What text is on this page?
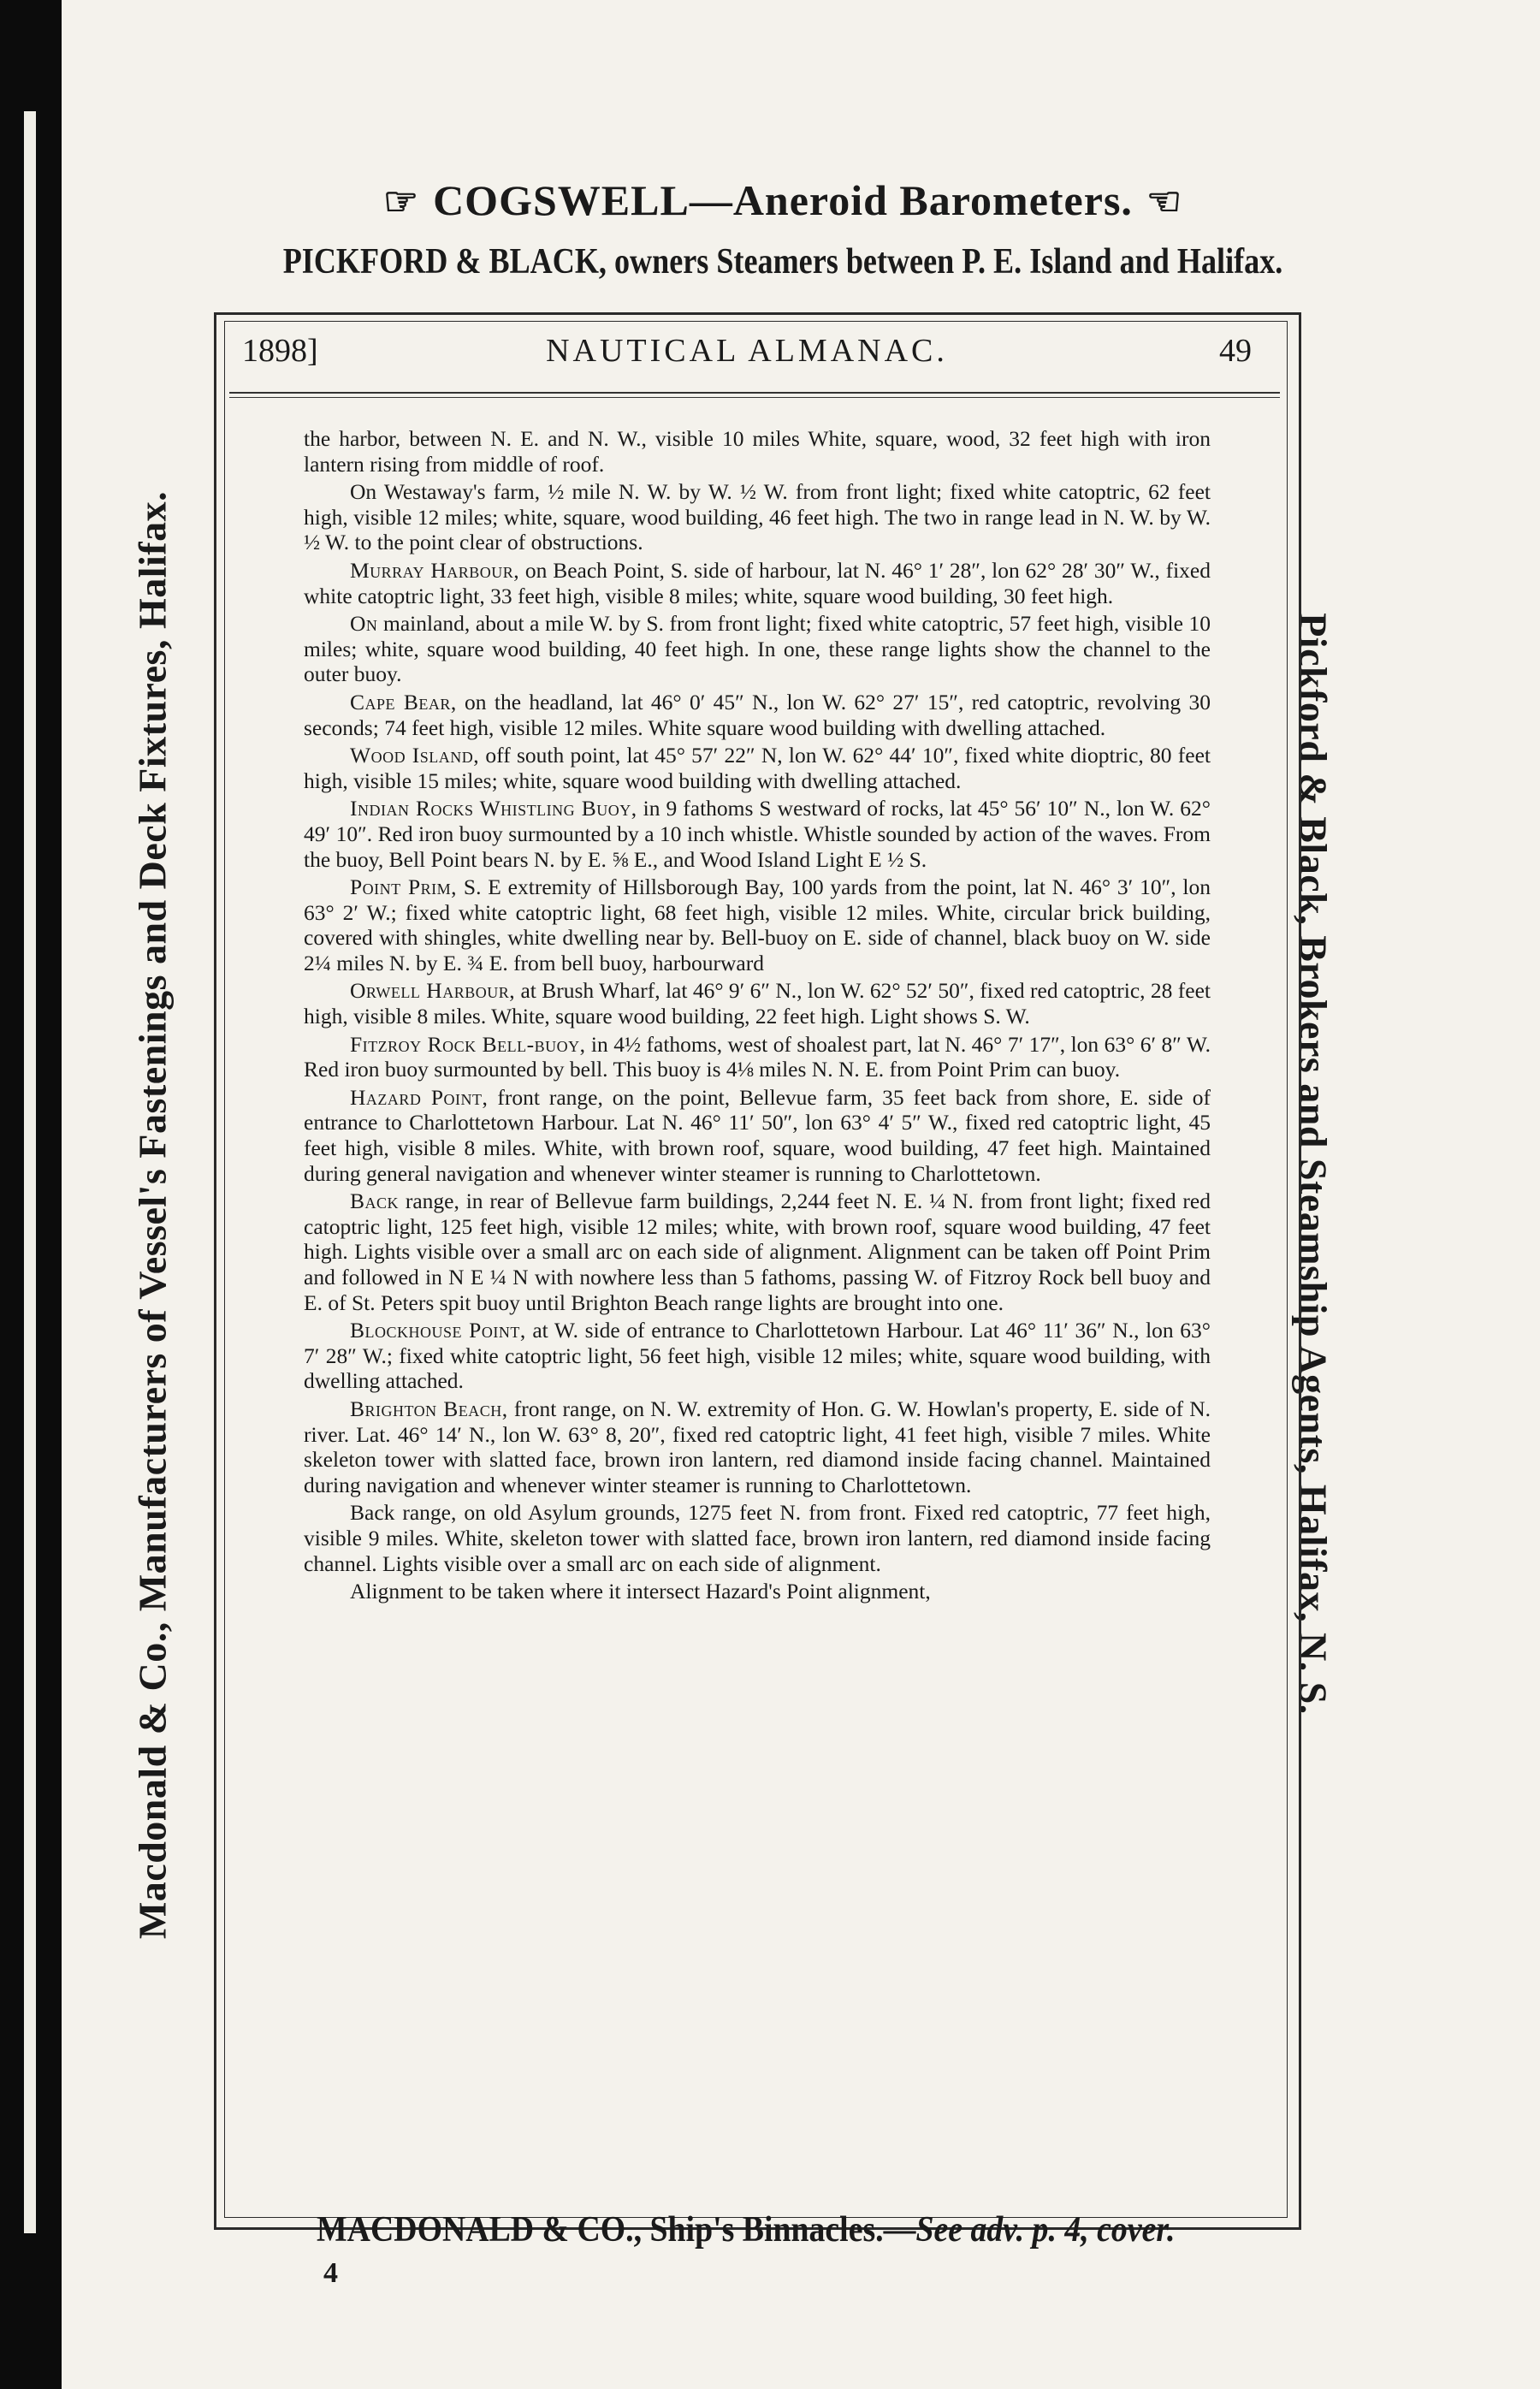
☞ COGSWELL—Aneroid Barometers. ☜
PICKFORD & BLACK, owners Steamers between P. E. Island and Halifax.
Macdonald & Co., Manufacturers of Vessel's Fastenings and Deck Fixtures, Halifax.	Pickford & Black, Brokers and Steamship Agents, Halifax, N. S.
1898]	NAUTICAL ALMANAC.	49

the harbor, between N. E. and N. W., visible 10 miles White, square, wood, 32 feet high with iron lantern rising from middle of roof.

On Westaway's farm, ½ mile N. W. by W. ½ W. from front light; fixed white catoptric, 62 feet high, visible 12 miles; white, square, wood building, 46 feet high. The two in range lead in N. W. by W. ½ W. to the point clear of obstructions.

Murray Harbour, on Beach Point, S. side of harbour, lat N. 46° 1′ 28″, lon 62° 28′ 30″ W., fixed white catoptric light, 33 feet high, visible 8 miles; white, square wood building, 30 feet high.

On mainland, about a mile W. by S. from front light; fixed white catoptric, 57 feet high, visible 10 miles; white, square wood building, 40 feet high. In one, these range lights show the channel to the outer buoy.

Cape Bear, on the headland, lat 46° 0′ 45″ N., lon W. 62° 27′ 15″, red catoptric, revolving 30 seconds; 74 feet high, visible 12 miles. White square wood building with dwelling attached.

Wood Island, off south point, lat 45° 57′ 22″ N, lon W. 62° 44′ 10″, fixed white dioptric, 80 feet high, visible 15 miles; white, square wood building with dwelling attached.

Indian Rocks Whistling Buoy, in 9 fathoms S westward of rocks, lat 45° 56′ 10″ N., lon W. 62° 49′ 10″. Red iron buoy surmounted by a 10 inch whistle. Whistle sounded by action of the waves. From the buoy, Bell Point bears N. by E. ⅝ E., and Wood Island Light E ½ S.

Point Prim, S. E extremity of Hillsborough Bay, 100 yards from the point, lat N. 46° 3′ 10″, lon 63° 2′ W.; fixed white catoptric light, 68 feet high, visible 12 miles. White, circular brick building, covered with shingles, white dwelling near by. Bell-buoy on E. side of channel, black buoy on W. side 2¼ miles N. by E. ¾ E. from bell buoy, harbourward

Orwell Harbour, at Brush Wharf, lat 46° 9′ 6″ N., lon W. 62° 52′ 50″, fixed red catoptric, 28 feet high, visible 8 miles. White, square wood building, 22 feet high. Light shows S. W.

Fitzroy Rock Bell-buoy, in 4½ fathoms, west of shoalest part, lat N. 46° 7′ 17″, lon 63° 6′ 8″ W. Red iron buoy surmounted by bell. This buoy is 4⅛ miles N. N. E. from Point Prim can buoy.

Hazard Point, front range, on the point, Bellevue farm, 35 feet back from shore, E. side of entrance to Charlottetown Harbour. Lat N. 46° 11′ 50″, lon 63° 4′ 5″ W., fixed red catoptric light, 45 feet high, visible 8 miles. White, with brown roof, square, wood building, 47 feet high. Maintained during general navigation and whenever winter steamer is running to Charlottetown.

Back range, in rear of Bellevue farm buildings, 2,244 feet N. E. ¼ N. from front light; fixed red catoptric light, 125 feet high, visible 12 miles; white, with brown roof, square wood building, 47 feet high. Lights visible over a small arc on each side of alignment. Alignment can be taken off Point Prim and followed in N E ¼ N with nowhere less than 5 fathoms, passing W. of Fitzroy Rock bell buoy and E. of St. Peters spit buoy until Brighton Beach range lights are brought into one.

Blockhouse Point, at W. side of entrance to Charlottetown Harbour. Lat 46° 11′ 36″ N., lon 63° 7′ 28″ W.; fixed white catoptric light, 56 feet high, visible 12 miles; white, square wood building, with dwelling attached.

Brighton Beach, front range, on N. W. extremity of Hon. G. W. Howlan's property, E. side of N. river. Lat. 46° 14′ N., lon W. 63° 8, 20″, fixed red catoptric light, 41 feet high, visible 7 miles. White skeleton tower with slatted face, brown iron lantern, red diamond inside facing channel. Maintained during navigation and whenever winter steamer is running to Charlottetown.

Back range, on old Asylum grounds, 1275 feet N. from front. Fixed red catoptric, 77 feet high, visible 9 miles. White, skeleton tower with slatted face, brown iron lantern, red diamond inside facing channel. Lights visible over a small arc on each side of alignment.

Alignment to be taken where it intersect Hazard's Point alignment,

MACDONALD & CO., Ship's Binnacles.—See adv. p. 4, cover.
4
